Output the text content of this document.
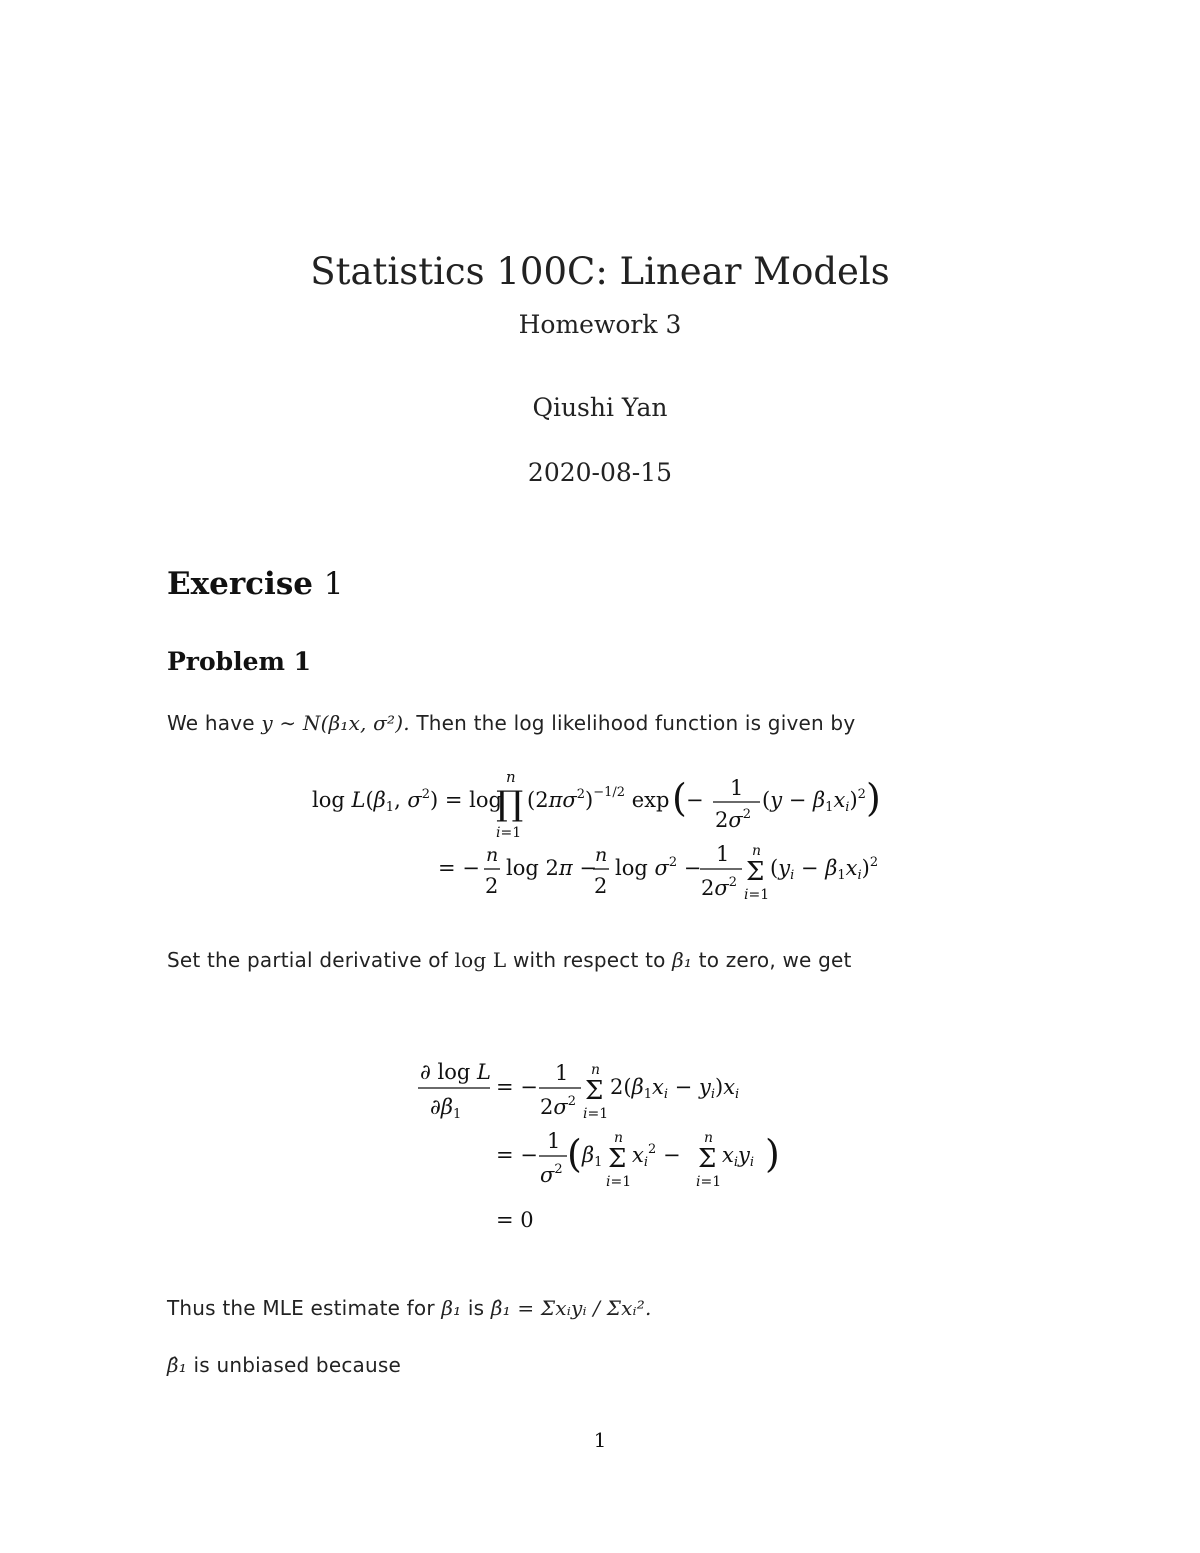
Statistics 100C: Linear Models
Homework 3
Qiushi Yan
2020-08-15
Exercise 1
Problem 1
We have y ∼ N(β₁x, σ²). Then the log likelihood function is given by
log L(β1, $\sigma^2) = \log$
∏
n
i=1
$(2\pi\sigma^2)^{-1/2}$ exp ( − 1
$2\sigma^2$
$(y - \beta 1xi)^2$ )
= −
n
2
log 2π −
n
2
$\log \sigma^2$ −
1
$2\sigma^2$ Σ
n
i=1
(yi − β1xi)$^2$
Set the partial derivative of log L with respect to β₁ to zero, we get
∂ log L
∂β1
= −
1
$2\sigma^2$ Σ
n
i=1
2(β1xi − yi)xi
= −
1
$\sigma^2$ ( β1 Σ
n
i=1
$xi^2 - \Sigma$
n
i=1
xiyi )
= 0
Thus the MLE estimate for β₁ is β̂₁ = Σxᵢyᵢ / Σxᵢ².
β̂₁ is unbiased because
1
